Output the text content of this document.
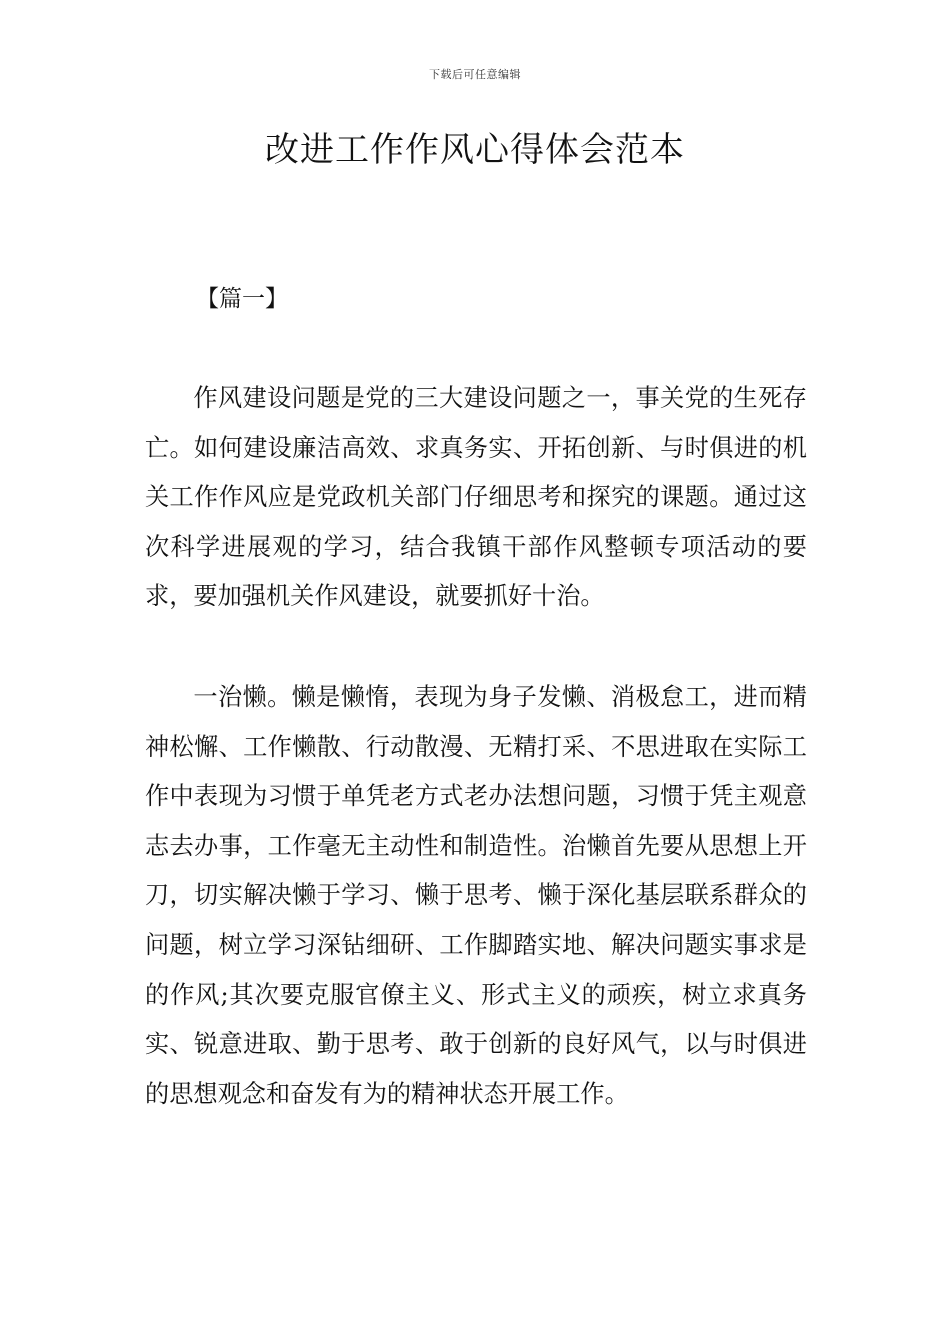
下载后可任意编辑
改进工作作风心得体会范本
【篇一】

作风建设问题是党的三大建设问题之一，事关党的生死存亡。如何建设廉洁高效、求真务实、开拓创新、与时俱进的机关工作作风应是党政机关部门仔细思考和探究的课题。通过这次科学进展观的学习，结合我镇干部作风整顿专项活动的要求，要加强机关作风建设，就要抓好十治。

一治懒。懒是懒惰，表现为身子发懒、消极怠工，进而精神松懈、工作懒散、行动散漫、无精打采、不思进取在实际工作中表现为习惯于单凭老方式老办法想问题，习惯于凭主观意志去办事，工作毫无主动性和制造性。治懒首先要从思想上开刀，切实解决懒于学习、懒于思考、懒于深化基层联系群众的问题，树立学习深钻细研、工作脚踏实地、解决问题实事求是的作风;其次要克服官僚主义、形式主义的顽疾，树立求真务实、锐意进取、勤于思考、敢于创新的良好风气，以与时俱进的思想观念和奋发有为的精神状态开展工作。
